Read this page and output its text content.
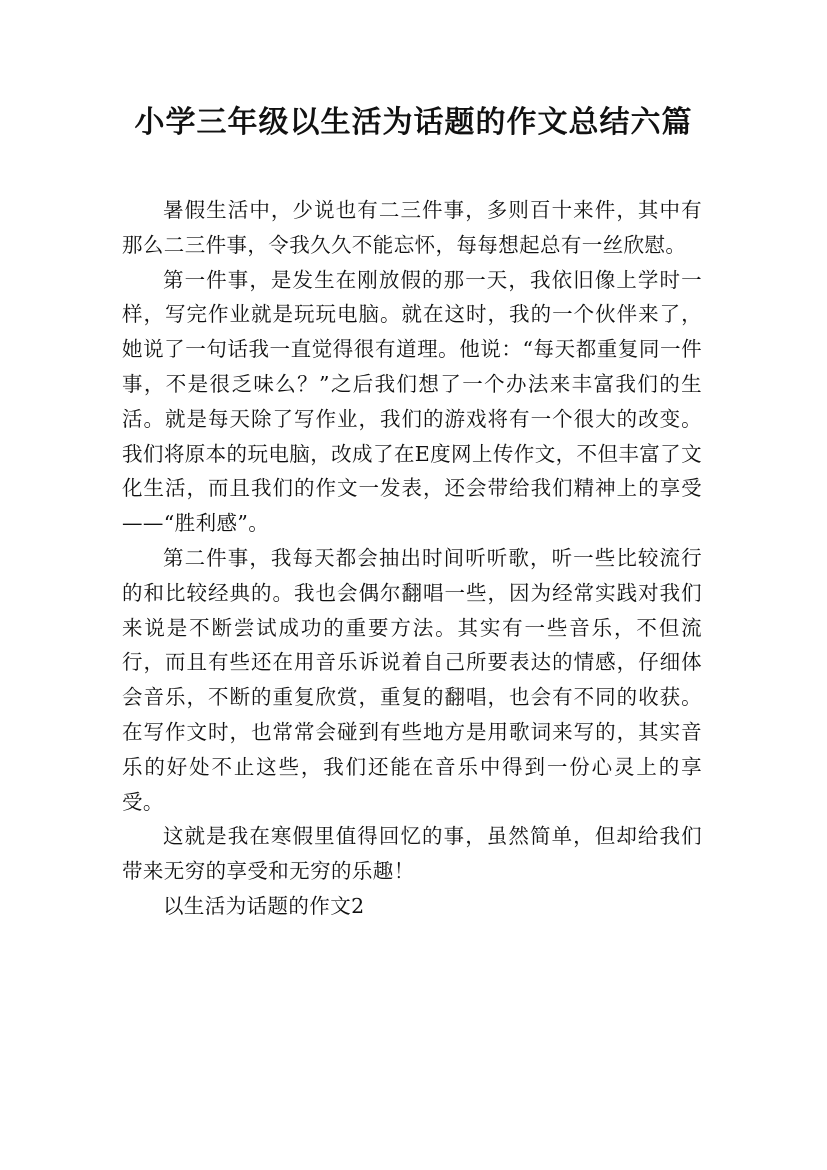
小学三年级以生活为话题的作文总结六篇

暑假生活中，少说也有二三件事，多则百十来件，其中有那么二三件事，令我久久不能忘怀，每每想起总有一丝欣慰。

第一件事，是发生在刚放假的那一天，我依旧像上学时一样，写完作业就是玩玩电脑。就在这时，我的一个伙伴来了，她说了一句话我一直觉得很有道理。他说：“每天都重复同一件事，不是很乏味么？”之后我们想了一个办法来丰富我们的生活。就是每天除了写作业，我们的游戏将有一个很大的改变。我们将原本的玩电脑，改成了在E度网上传作文，不但丰富了文化生活，而且我们的作文一发表，还会带给我们精神上的享受——“胜利感”。

第二件事，我每天都会抽出时间听听歌，听一些比较流行的和比较经典的。我也会偶尔翻唱一些，因为经常实践对我们来说是不断尝试成功的重要方法。其实有一些音乐，不但流行，而且有些还在用音乐诉说着自己所要表达的情感，仔细体会音乐，不断的重复欣赏，重复的翻唱，也会有不同的收获。在写作文时，也常常会碰到有些地方是用歌词来写的，其实音乐的好处不止这些，我们还能在音乐中得到一份心灵上的享受。

这就是我在寒假里值得回忆的事，虽然简单，但却给我们带来无穷的享受和无穷的乐趣！

以生活为话题的作文2
